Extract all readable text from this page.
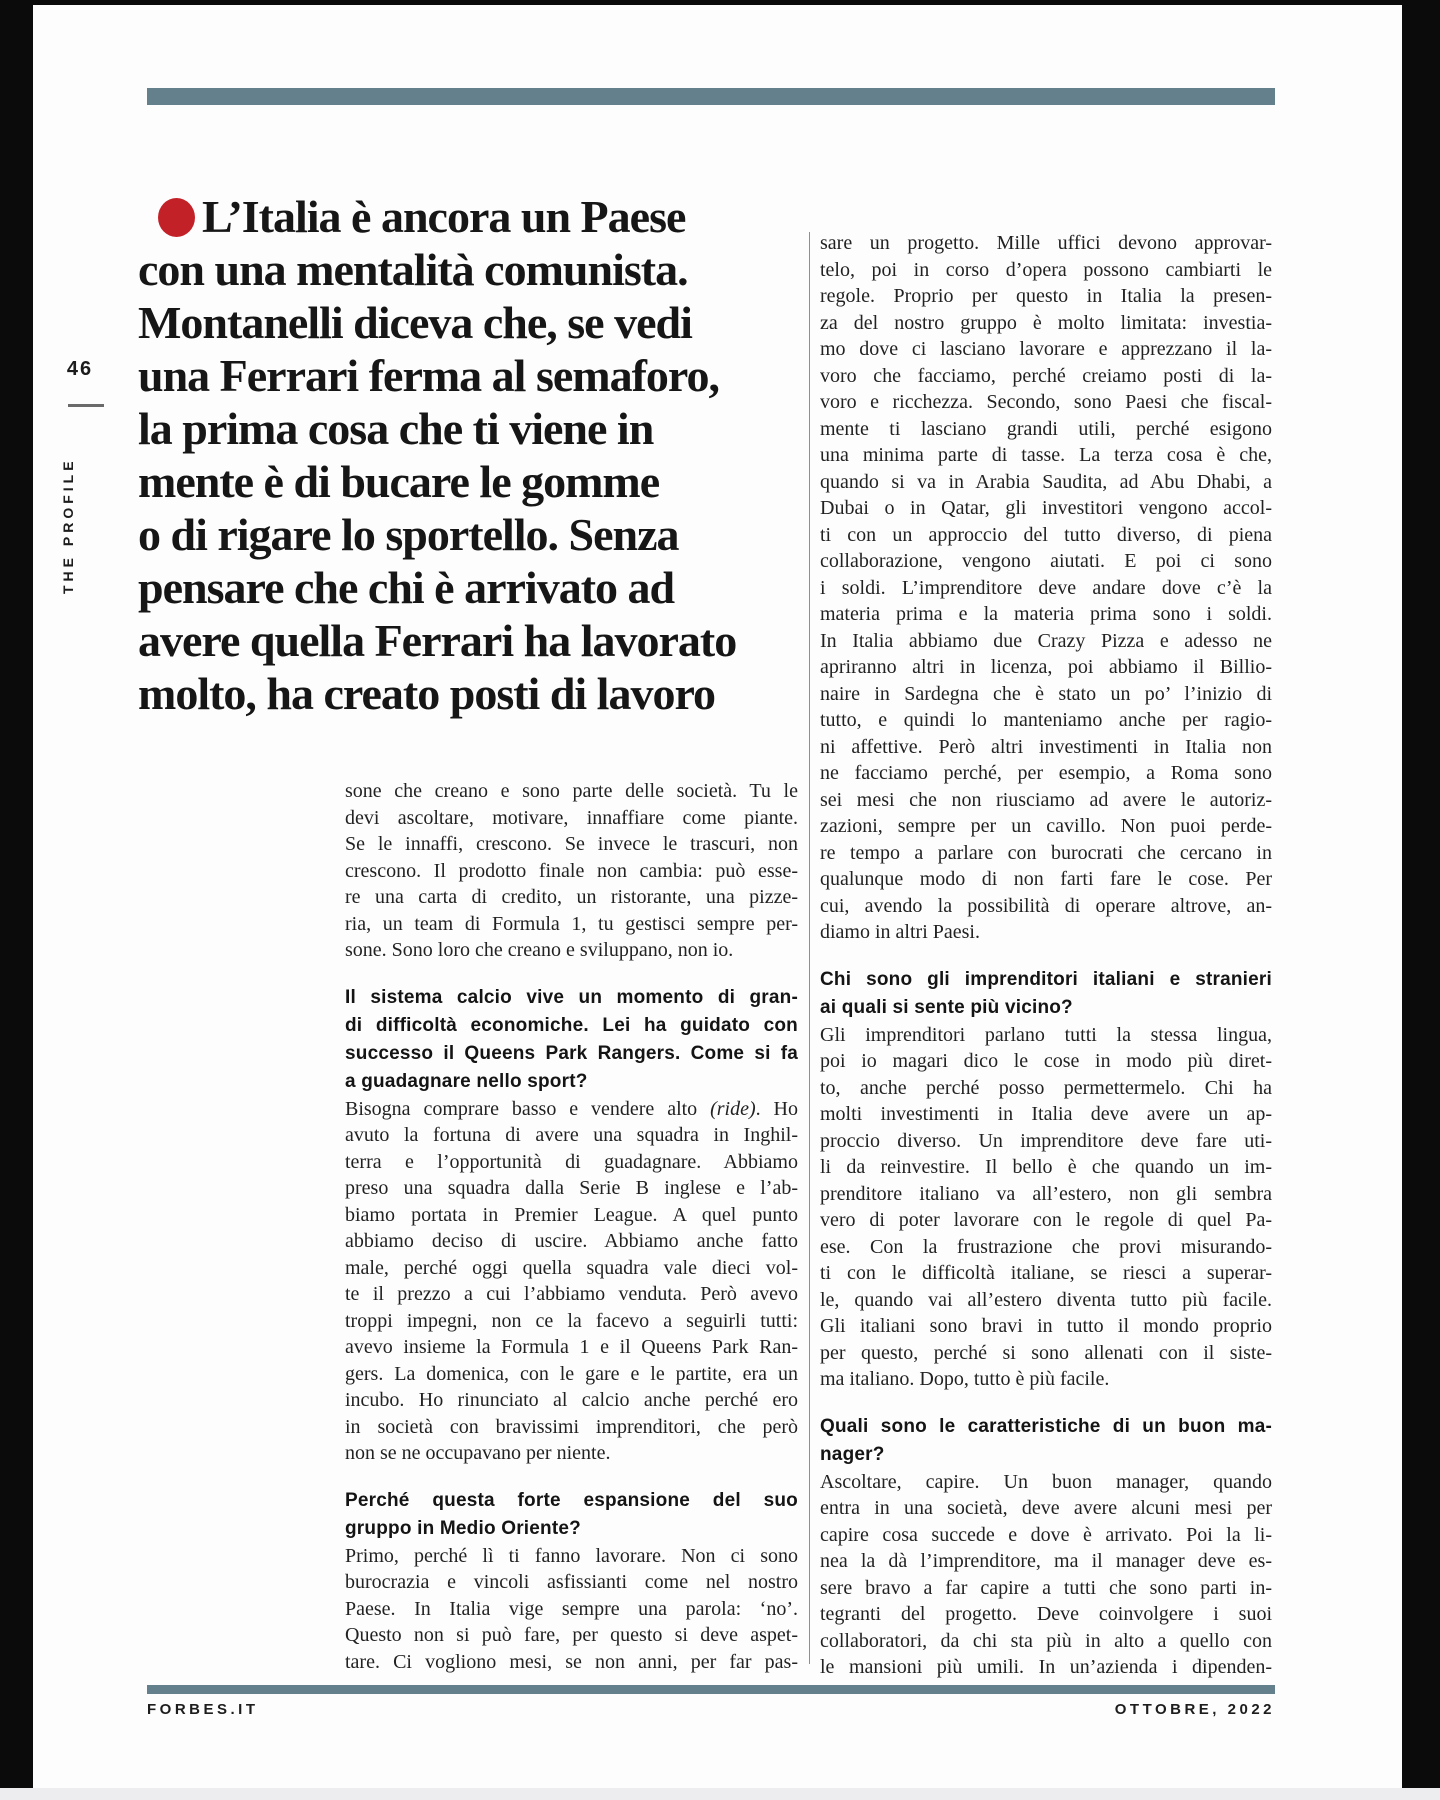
46
THE PROFILE
L’Italia è ancora un Paese
con una mentalità comunista.
Montanelli diceva che, se vedi
una Ferrari ferma al semaforo,
la prima cosa che ti viene in
mente è di bucare le gomme
o di rigare lo sportello. Senza
pensare che chi è arrivato ad
avere quella Ferrari ha lavorato
molto, ha creato posti di lavoro
sone che creano e sono parte delle società. Tu le
devi ascoltare, motivare, innaffiare come piante.
Se le innaffi, crescono. Se invece le trascuri, non
crescono. Il prodotto finale non cambia: può esse-
re una carta di credito, un ristorante, una pizze-
ria, un team di Formula 1, tu gestisci sempre per-
sone. Sono loro che creano e sviluppano, non io.
Il sistema calcio vive un momento di gran-
di difficoltà economiche. Lei ha guidato con
successo il Queens Park Rangers. Come si fa
a guadagnare nello sport?
Bisogna comprare basso e vendere alto (ride). Ho
avuto la fortuna di avere una squadra in Inghil-
terra e l’opportunità di guadagnare. Abbiamo
preso una squadra dalla Serie B inglese e l’ab-
biamo portata in Premier League. A quel punto
abbiamo deciso di uscire. Abbiamo anche fatto
male, perché oggi quella squadra vale dieci vol-
te il prezzo a cui l’abbiamo venduta. Però avevo
troppi impegni, non ce la facevo a seguirli tutti:
avevo insieme la Formula 1 e il Queens Park Ran-
gers. La domenica, con le gare e le partite, era un
incubo. Ho rinunciato al calcio anche perché ero
in società con bravissimi imprenditori, che però
non se ne occupavano per niente.
Perché questa forte espansione del suo
gruppo in Medio Oriente?
Primo, perché lì ti fanno lavorare. Non ci sono
burocrazia e vincoli asfissianti come nel nostro
Paese. In Italia vige sempre una parola: ‘no’.
Questo non si può fare, per questo si deve aspet-
tare. Ci vogliono mesi, se non anni, per far pas-
sare un progetto. Mille uffici devono approvar-
telo, poi in corso d’opera possono cambiarti le
regole. Proprio per questo in Italia la presen-
za del nostro gruppo è molto limitata: investia-
mo dove ci lasciano lavorare e apprezzano il la-
voro che facciamo, perché creiamo posti di la-
voro e ricchezza. Secondo, sono Paesi che fiscal-
mente ti lasciano grandi utili, perché esigono
una minima parte di tasse. La terza cosa è che,
quando si va in Arabia Saudita, ad Abu Dhabi, a
Dubai o in Qatar, gli investitori vengono accol-
ti con un approccio del tutto diverso, di piena
collaborazione, vengono aiutati. E poi ci sono
i soldi. L’imprenditore deve andare dove c’è la
materia prima e la materia prima sono i soldi.
In Italia abbiamo due Crazy Pizza e adesso ne
apriranno altri in licenza, poi abbiamo il Billio-
naire in Sardegna che è stato un po’ l’inizio di
tutto, e quindi lo manteniamo anche per ragio-
ni affettive. Però altri investimenti in Italia non
ne facciamo perché, per esempio, a Roma sono
sei mesi che non riusciamo ad avere le autoriz-
zazioni, sempre per un cavillo. Non puoi perde-
re tempo a parlare con burocrati che cercano in
qualunque modo di non farti fare le cose. Per
cui, avendo la possibilità di operare altrove, an-
diamo in altri Paesi.
Chi sono gli imprenditori italiani e stranieri
ai quali si sente più vicino?
Gli imprenditori parlano tutti la stessa lingua,
poi io magari dico le cose in modo più diret-
to, anche perché posso permettermelo. Chi ha
molti investimenti in Italia deve avere un ap-
proccio diverso. Un imprenditore deve fare uti-
li da reinvestire. Il bello è che quando un im-
prenditore italiano va all’estero, non gli sembra
vero di poter lavorare con le regole di quel Pa-
ese. Con la frustrazione che provi misurando-
ti con le difficoltà italiane, se riesci a superar-
le, quando vai all’estero diventa tutto più facile.
Gli italiani sono bravi in tutto il mondo proprio
per questo, perché si sono allenati con il siste-
ma italiano. Dopo, tutto è più facile.
Quali sono le caratteristiche di un buon ma-
nager?
Ascoltare, capire. Un buon manager, quando
entra in una società, deve avere alcuni mesi per
capire cosa succede e dove è arrivato. Poi la li-
nea la dà l’imprenditore, ma il manager deve es-
sere bravo a far capire a tutti che sono parti in-
tegranti del progetto. Deve coinvolgere i suoi
collaboratori, da chi sta più in alto a quello con
le mansioni più umili. In un’azienda i dipenden-
FORBES.IT	OTTOBRE, 2022
